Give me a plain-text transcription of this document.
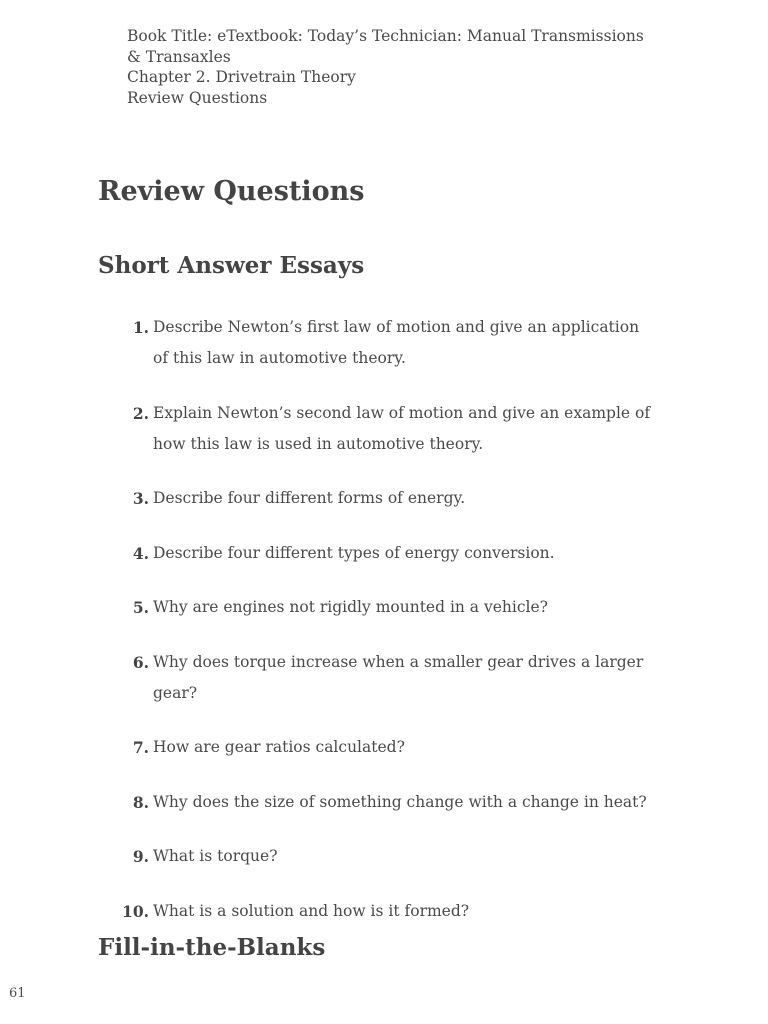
Book Title: eTextbook: Today’s Technician: Manual Transmissions & Transaxles
Chapter 2. Drivetrain Theory
Review Questions
Review Questions
Short Answer Essays
1. Describe Newton’s first law of motion and give an application of this law in automotive theory.
2. Explain Newton’s second law of motion and give an example of how this law is used in automotive theory.
3. Describe four different forms of energy.
4. Describe four different types of energy conversion.
5. Why are engines not rigidly mounted in a vehicle?
6. Why does torque increase when a smaller gear drives a larger gear?
7. How are gear ratios calculated?
8. Why does the size of something change with a change in heat?
9. What is torque?
10. What is a solution and how is it formed?
Fill-in-the-Blanks
61
